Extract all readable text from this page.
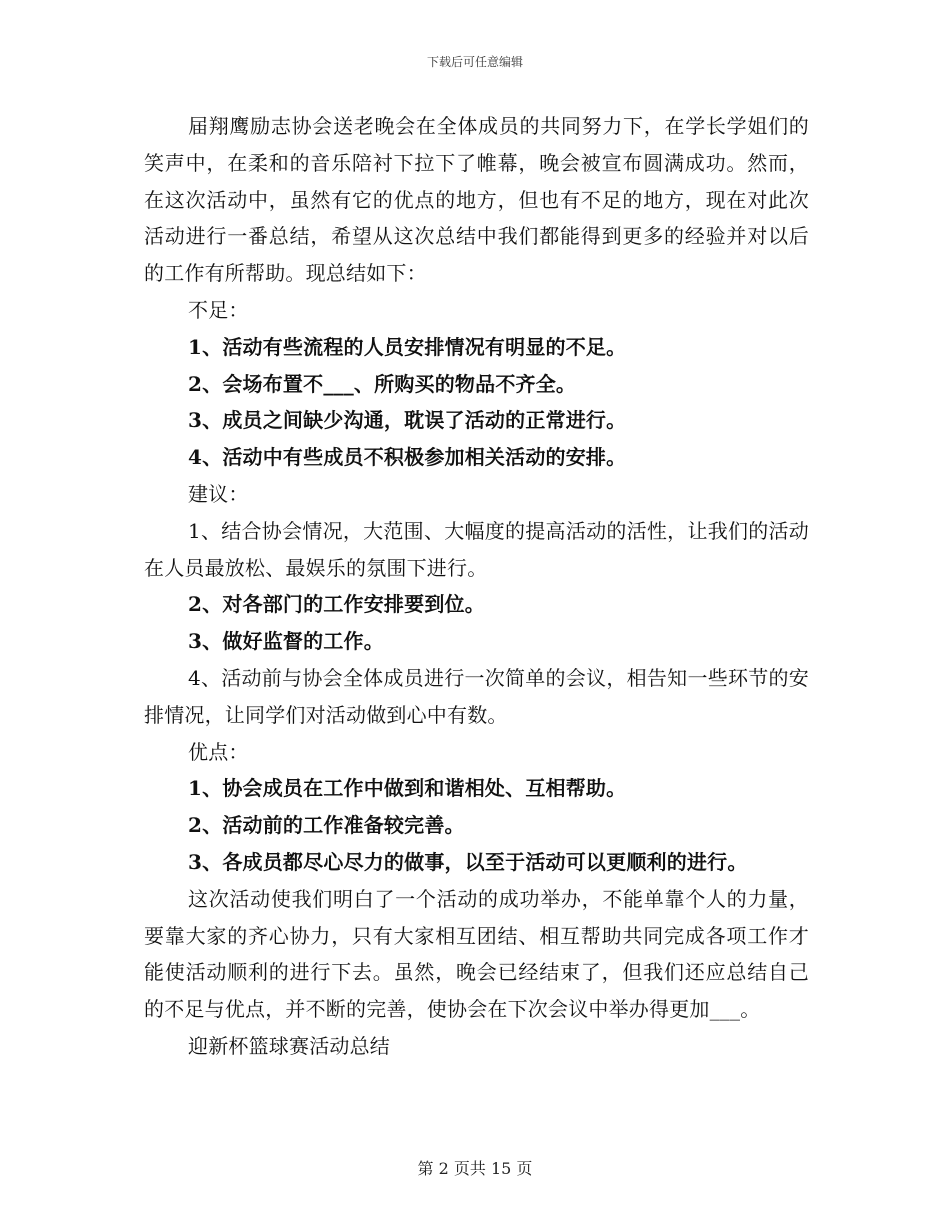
下载后可任意编辑

届翔鹰励志协会送老晚会在全体成员的共同努力下，在学长学姐们的笑声中，在柔和的音乐陪衬下拉下了帷幕，晚会被宣布圆满成功。然而，在这次活动中，虽然有它的优点的地方，但也有不足的地方，现在对此次活动进行一番总结，希望从这次总结中我们都能得到更多的经验并对以后的工作有所帮助。现总结如下：

不足：

1、活动有些流程的人员安排情况有明显的不足。

2、会场布置不___、所购买的物品不齐全。

3、成员之间缺少沟通，耽误了活动的正常进行。

4、活动中有些成员不积极参加相关活动的安排。

建议：

1、结合协会情况，大范围、大幅度的提高活动的活性，让我们的活动在人员最放松、最娱乐的氛围下进行。

2、对各部门的工作安排要到位。

3、做好监督的工作。

4、活动前与协会全体成员进行一次简单的会议，相告知一些环节的安排情况，让同学们对活动做到心中有数。

优点：

1、协会成员在工作中做到和谐相处、互相帮助。

2、活动前的工作准备较完善。

3、各成员都尽心尽力的做事，以至于活动可以更顺利的进行。

这次活动使我们明白了一个活动的成功举办，不能单靠个人的力量，要靠大家的齐心协力，只有大家相互团结、相互帮助共同完成各项工作才能使活动顺利的进行下去。虽然，晚会已经结束了，但我们还应总结自己的不足与优点，并不断的完善，使协会在下次会议中举办得更加___。

迎新杯篮球赛活动总结

第 2 页共 15 页
